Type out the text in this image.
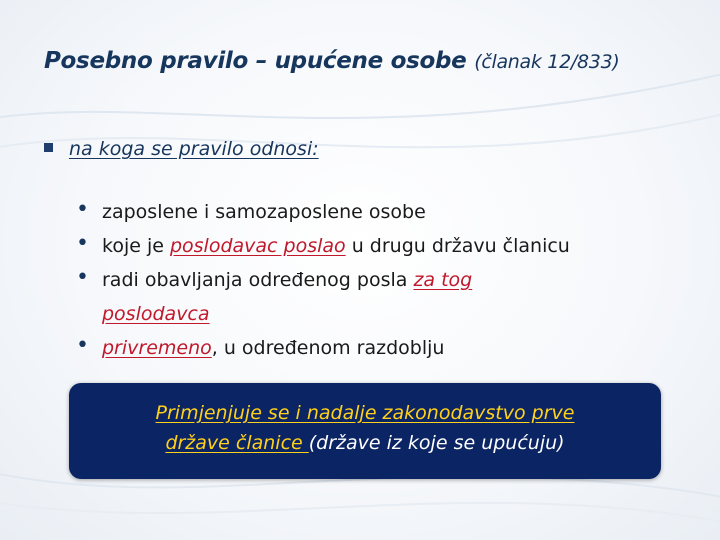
Posebno pravilo – upućene osobe (članak 12/833)
na koga se pravilo odnosi:
• zaposlene i samozaposlene osobe
• koje je poslodavac poslao u drugu državu članicu
• radi obavljanja određenog posla za tog
poslodavca
• privremeno, u određenom razdoblju
Primjenjuje se i nadalje zakonodavstvo prve
države članice (države iz koje se upućuju)
